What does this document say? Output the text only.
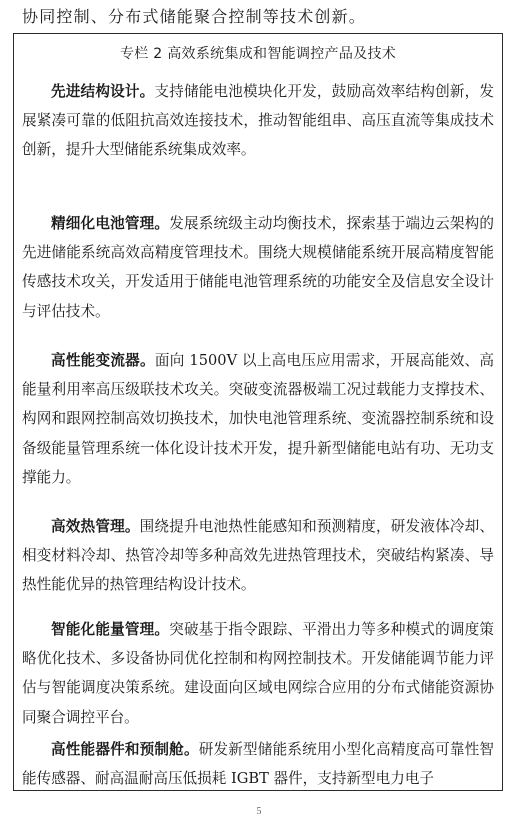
协同控制、分布式储能聚合控制等技术创新。
专栏 2 高效系统集成和智能调控产品及技术

先进结构设计。支持储能电池模块化开发，鼓励高效率结构创新，发展紧凑可靠的低阻抗高效连接技术，推动智能组串、高压直流等集成技术创新，提升大型储能系统集成效率。

精细化电池管理。发展系统级主动均衡技术，探索基于端边云架构的先进储能系统高效高精度管理技术。围绕大规模储能系统开展高精度智能传感技术攻关，开发适用于储能电池管理系统的功能安全及信息安全设计与评估技术。

高性能变流器。面向 1500V 以上高电压应用需求，开展高能效、高能量利用率高压级联技术攻关。突破变流器极端工况过载能力支撑技术、构网和跟网控制高效切换技术，加快电池管理系统、变流器控制系统和设备级能量管理系统一体化设计技术开发，提升新型储能电站有功、无功支撑能力。

高效热管理。围绕提升电池热性能感知和预测精度，研发液体冷却、相变材料冷却、热管冷却等多种高效先进热管理技术，突破结构紧凑、导热性能优异的热管理结构设计技术。

智能化能量管理。突破基于指令跟踪、平滑出力等多种模式的调度策略优化技术、多设备协同优化控制和构网控制技术。开发储能调节能力评估与智能调度决策系统。建设面向区域电网综合应用的分布式储能资源协同聚合调控平台。

高性能器件和预制舱。研发新型储能系统用小型化高精度高可靠性智能传感器、耐高温耐高压低损耗 IGBT 器件，支持新型电力电子

5
